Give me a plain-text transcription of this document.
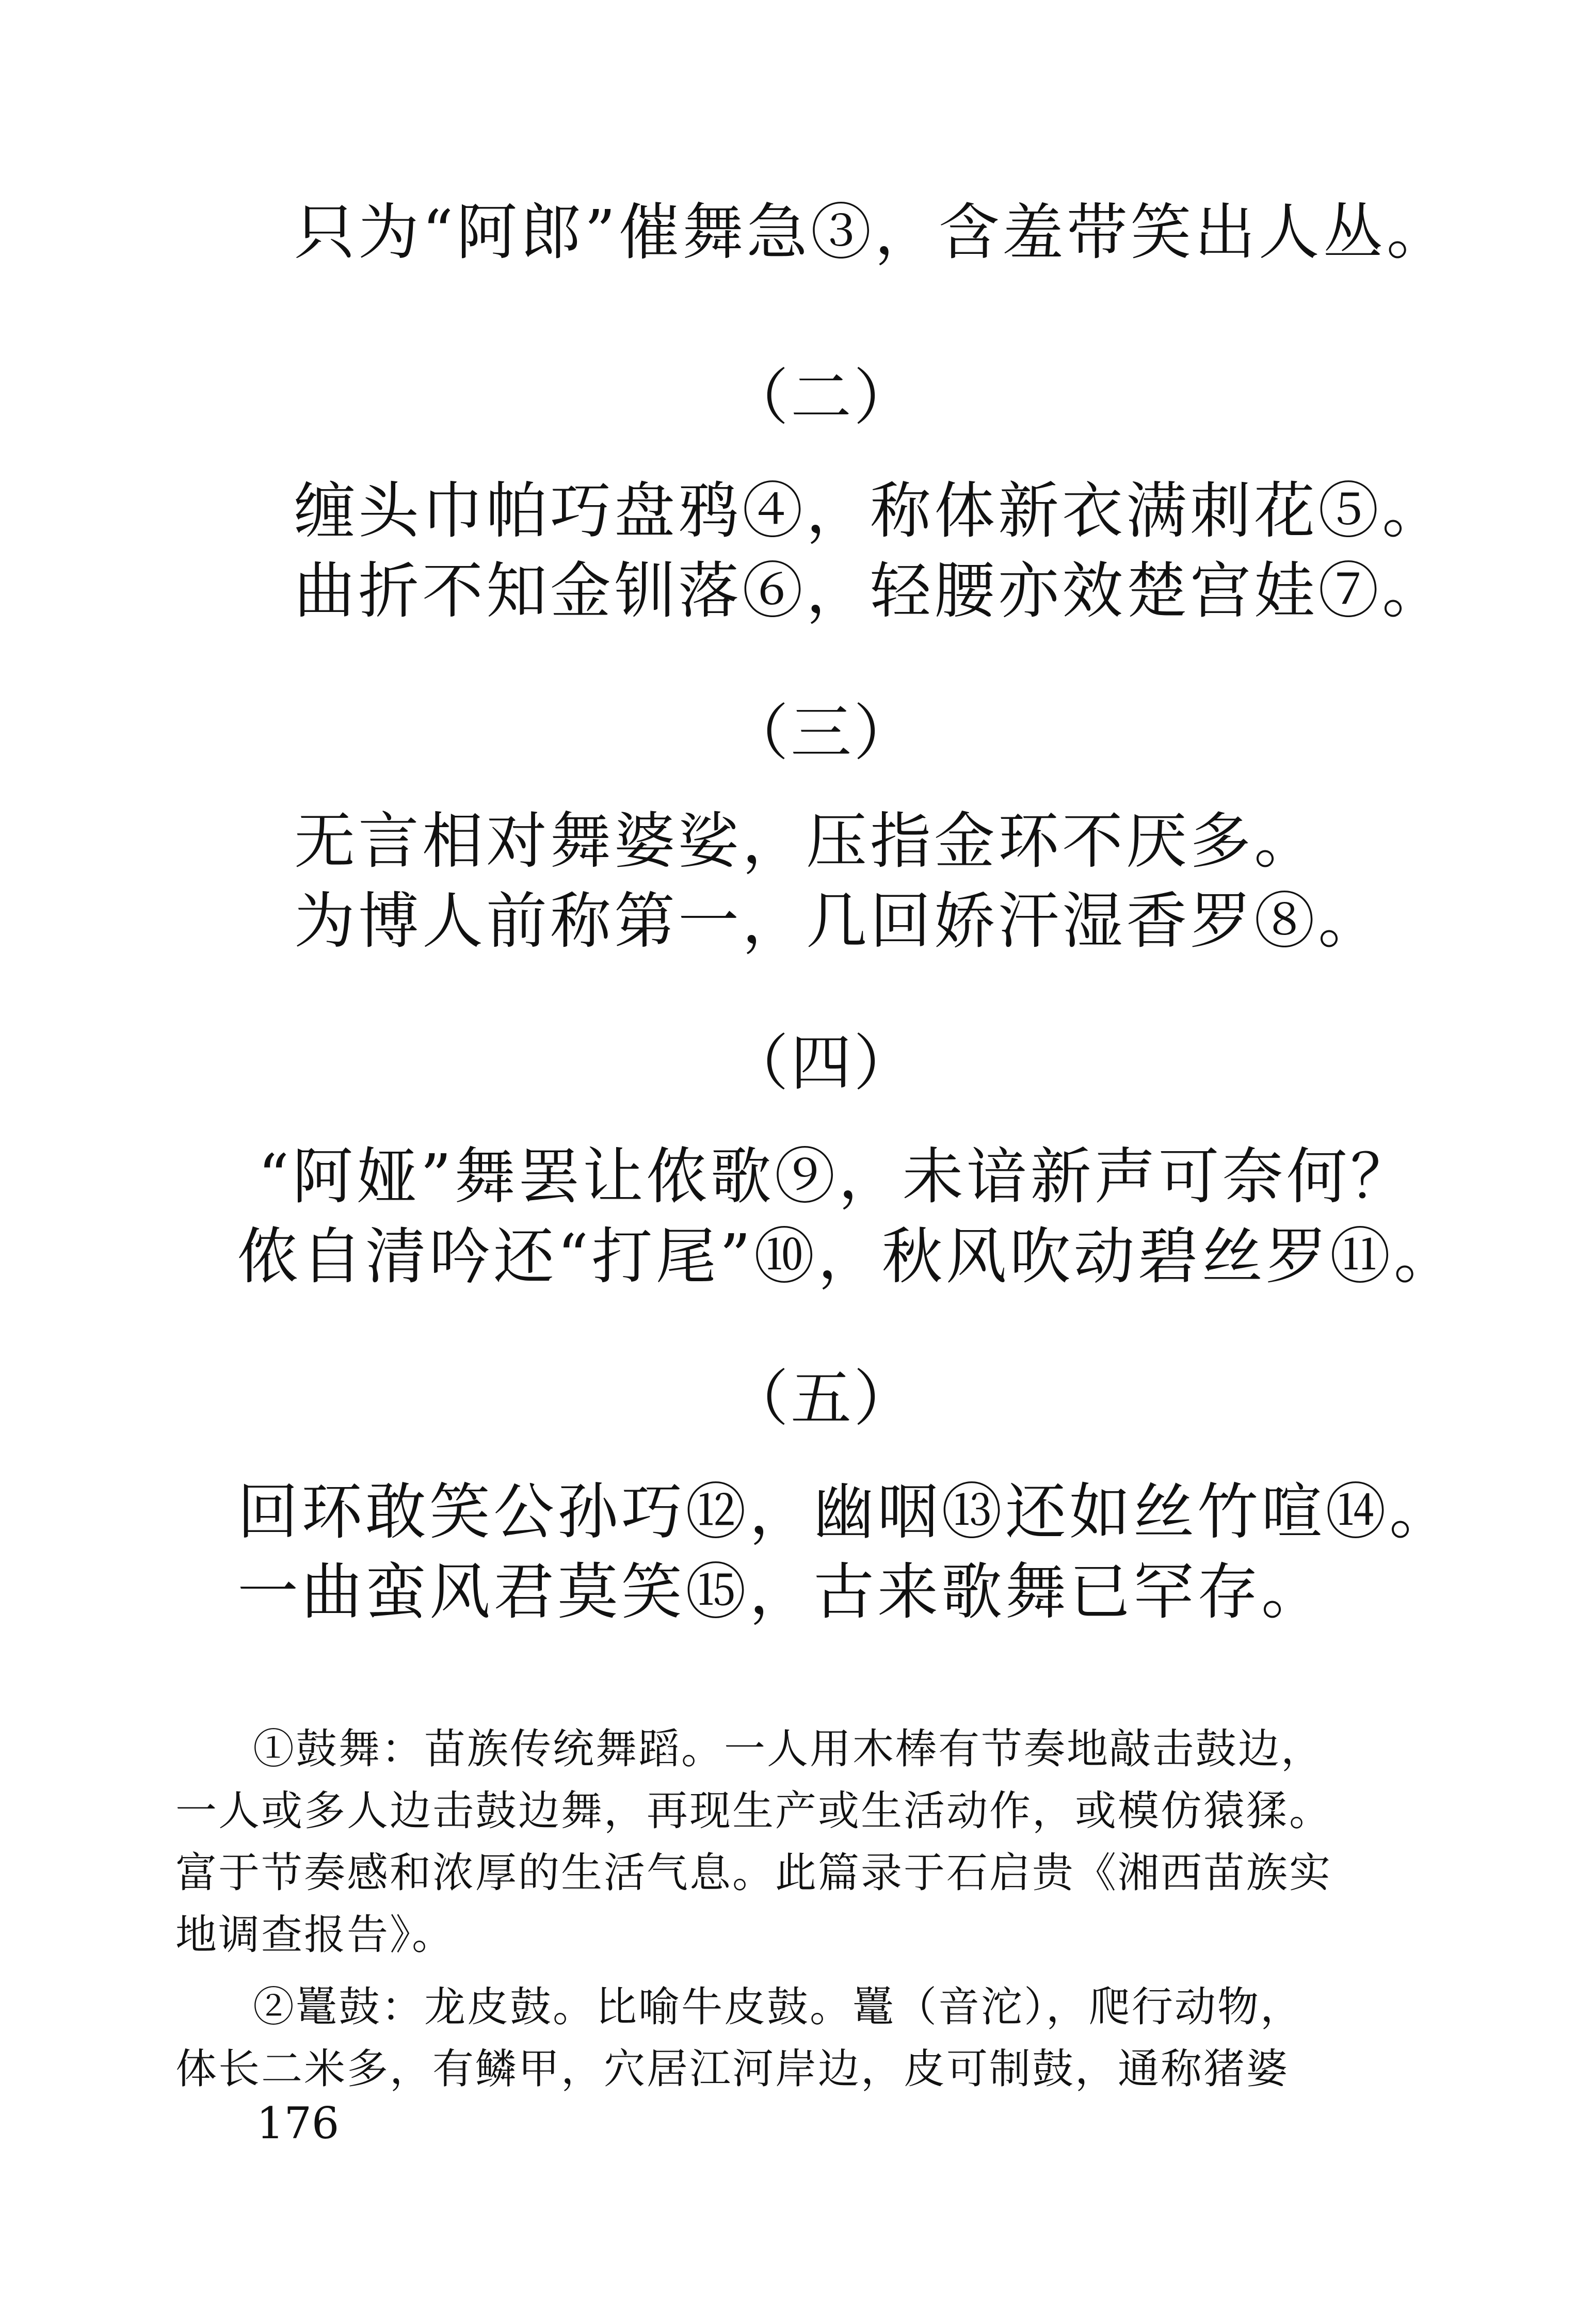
只为“阿郎”催舞急③，含羞带笑出人丛。
（二）
缠头巾帕巧盘鸦④，称体新衣满刺花⑤。
曲折不知金钏落⑥，轻腰亦效楚宫娃⑦。
（三）
无言相对舞婆娑，压指金环不厌多。
为博人前称第一，几回娇汗湿香罗⑧。
（四）
“阿娅”舞罢让侬歌⑨，未谙新声可奈何？
侬自清吟还“打尾”⑩，秋风吹动碧丝罗⑪。
（五）
回环敢笑公孙巧⑫，幽咽⑬还如丝竹喧⑭。
一曲蛮风君莫笑⑮，古来歌舞已罕存。
①鼓舞：苗族传统舞蹈。一人用木棒有节奏地敲击鼓边，
一人或多人边击鼓边舞，再现生产或生活动作，或模仿猿猱。
富于节奏感和浓厚的生活气息。此篇录于石启贵《湘西苗族实
地调查报告》。
②鼍鼓：龙皮鼓。比喻牛皮鼓。鼍（音沱），爬行动物，
体长二米多，有鳞甲，穴居江河岸边，皮可制鼓，通称猪婆
176
